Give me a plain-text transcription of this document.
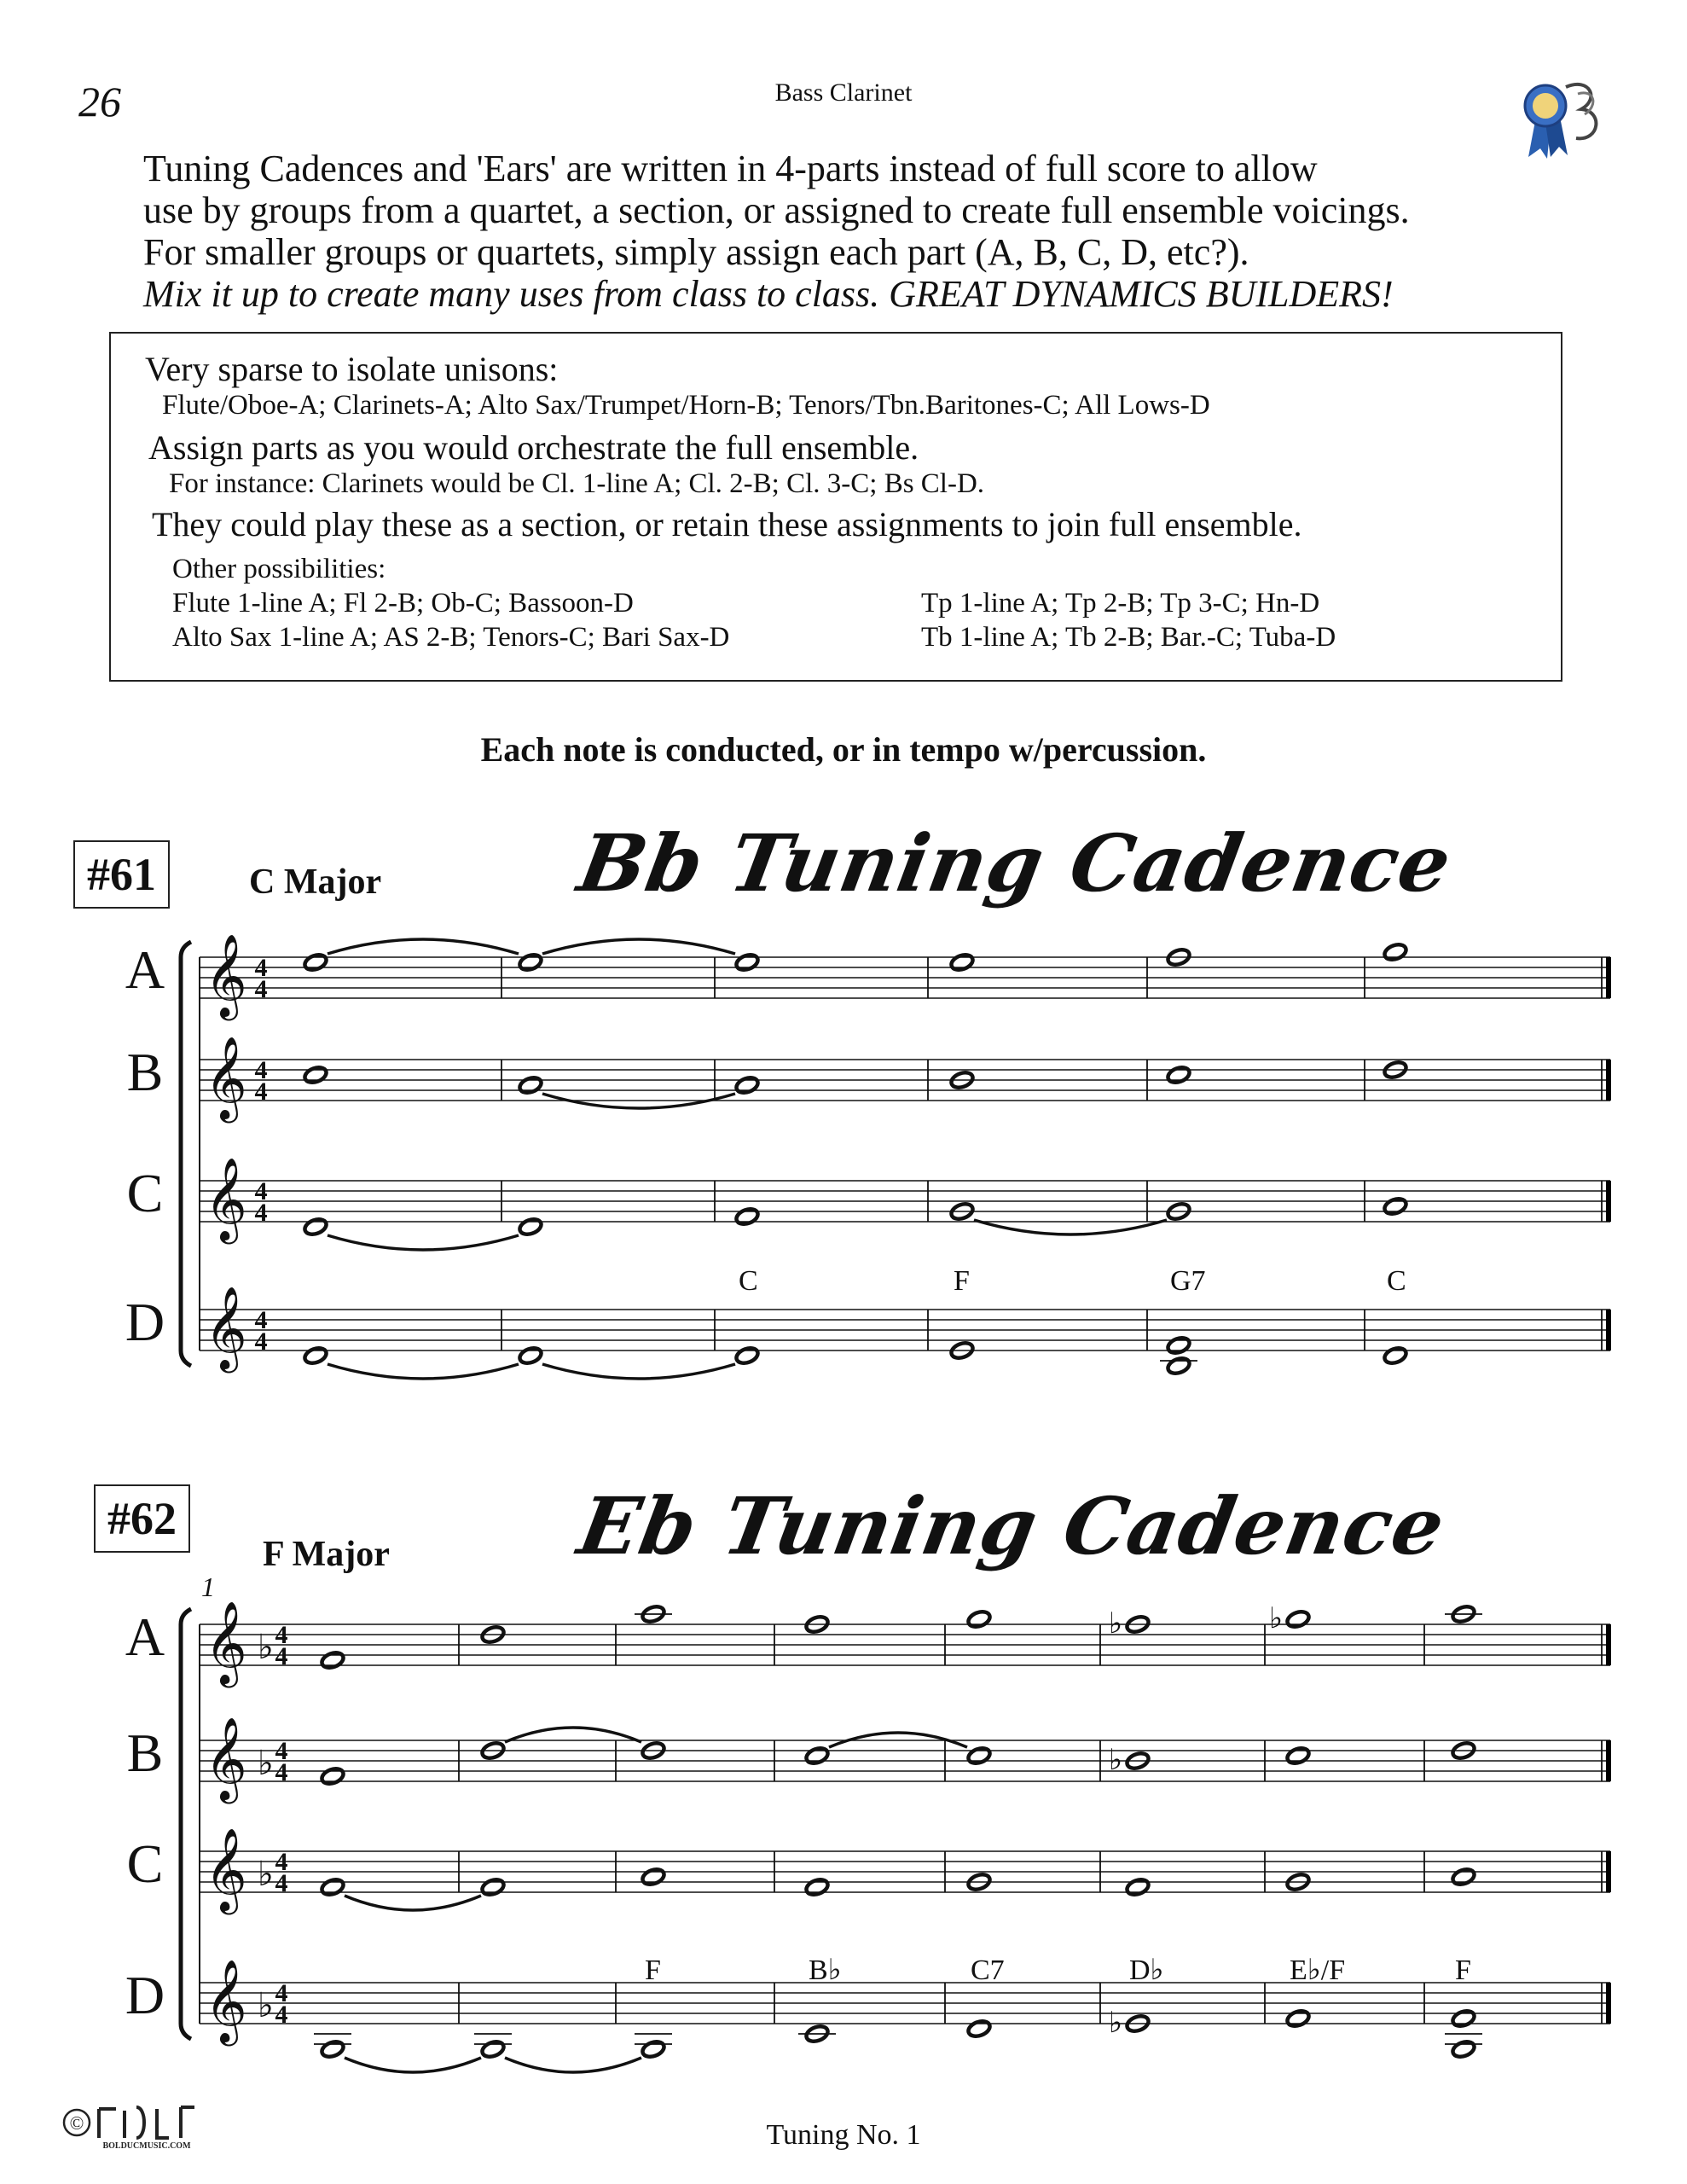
26	Bass Clarinet
Tuning Cadences and 'Ears' are written in 4-parts instead of full score to allow
use by groups from a quartet, a section, or assigned to create full ensemble voicings.
For smaller groups or quartets, simply assign each part (A, B, C, D, etc?).
Mix it up to create many uses from class to class. GREAT DYNAMICS BUILDERS!
Very sparse to isolate unisons:
Flute/Oboe-A; Clarinets-A; Alto Sax/Trumpet/Horn-B; Tenors/Tbn.Baritones-C; All Lows-D
Assign parts as you would orchestrate the full ensemble.
For instance: Clarinets would be Cl. 1-line A; Cl. 2-B; Cl. 3-C; Bs Cl-D.
They could play these as a section, or retain these assignments to join full ensemble.
Other possibilities:
Flute 1-line A; Fl 2-B; Ob-C; Bassoon-D
Alto Sax 1-line A; AS 2-B; Tenors-C; Bari Sax-D
Tp 1-line A; Tp 2-B; Tp 3-C; Hn-D
Tb 1-line A; Tb 2-B; Bar.-C; Tuba-D
Each note is conducted, or in tempo w/percussion.
#61	C Major Bb Tuning Cadence
#62
F Major Eb Tuning Cadence
1
A 𝄞 4
4
B 𝄞 4
4
C 𝄞 4
4
D 𝄞 4
4
C	F	G7	C
A 𝄞 ♭ 4
4
♭	♭
B 𝄞 ♭ 4
4	♭
C 𝄞 ♭ 4
4
D 𝄞 ♭ 4
4	♭
F	B♭	C7	D♭	E♭/F	F
Tuning No. 1
©
BOLDUCMUSIC.COM
